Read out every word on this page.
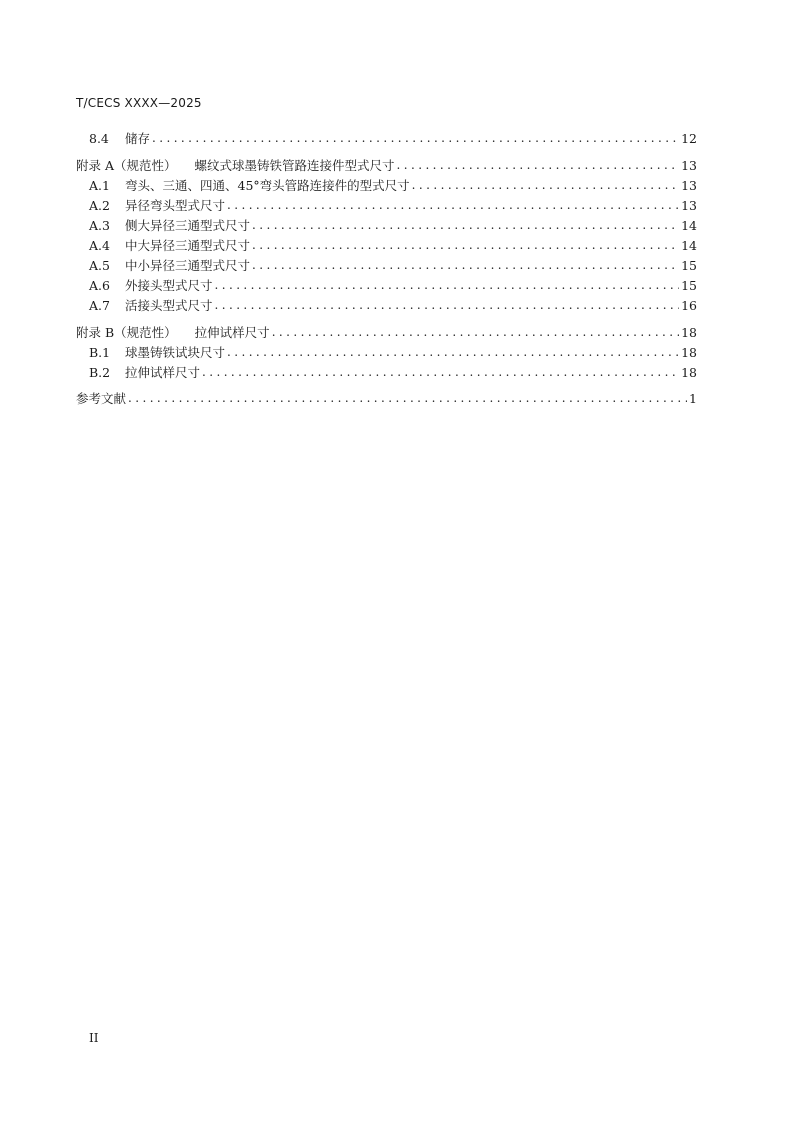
T/CECS XXXX—2025
8.4	储存 . . .	12
附录 A（规范性） 螺纹式球墨铸铁管路连接件型式尺寸 . . .	13
A.1	弯头、三通、四通、45°弯头管路连接件的型式尺寸 . . .	13
A.2	异径弯头型式尺寸 . . .	13
A.3	侧大异径三通型式尺寸 . . .	14
A.4	中大异径三通型式尺寸 . . .	14
A.5	中小异径三通型式尺寸 . . .	15
A.6	外接头型式尺寸 . . .	15
A.7	活接头型式尺寸 . . .	16
附录 B（规范性） 拉伸试样尺寸 . . .	18
B.1	球墨铸铁试块尺寸 . . .	18
B.2	拉伸试样尺寸 . . .	18
参考文献 . . .	1
II
